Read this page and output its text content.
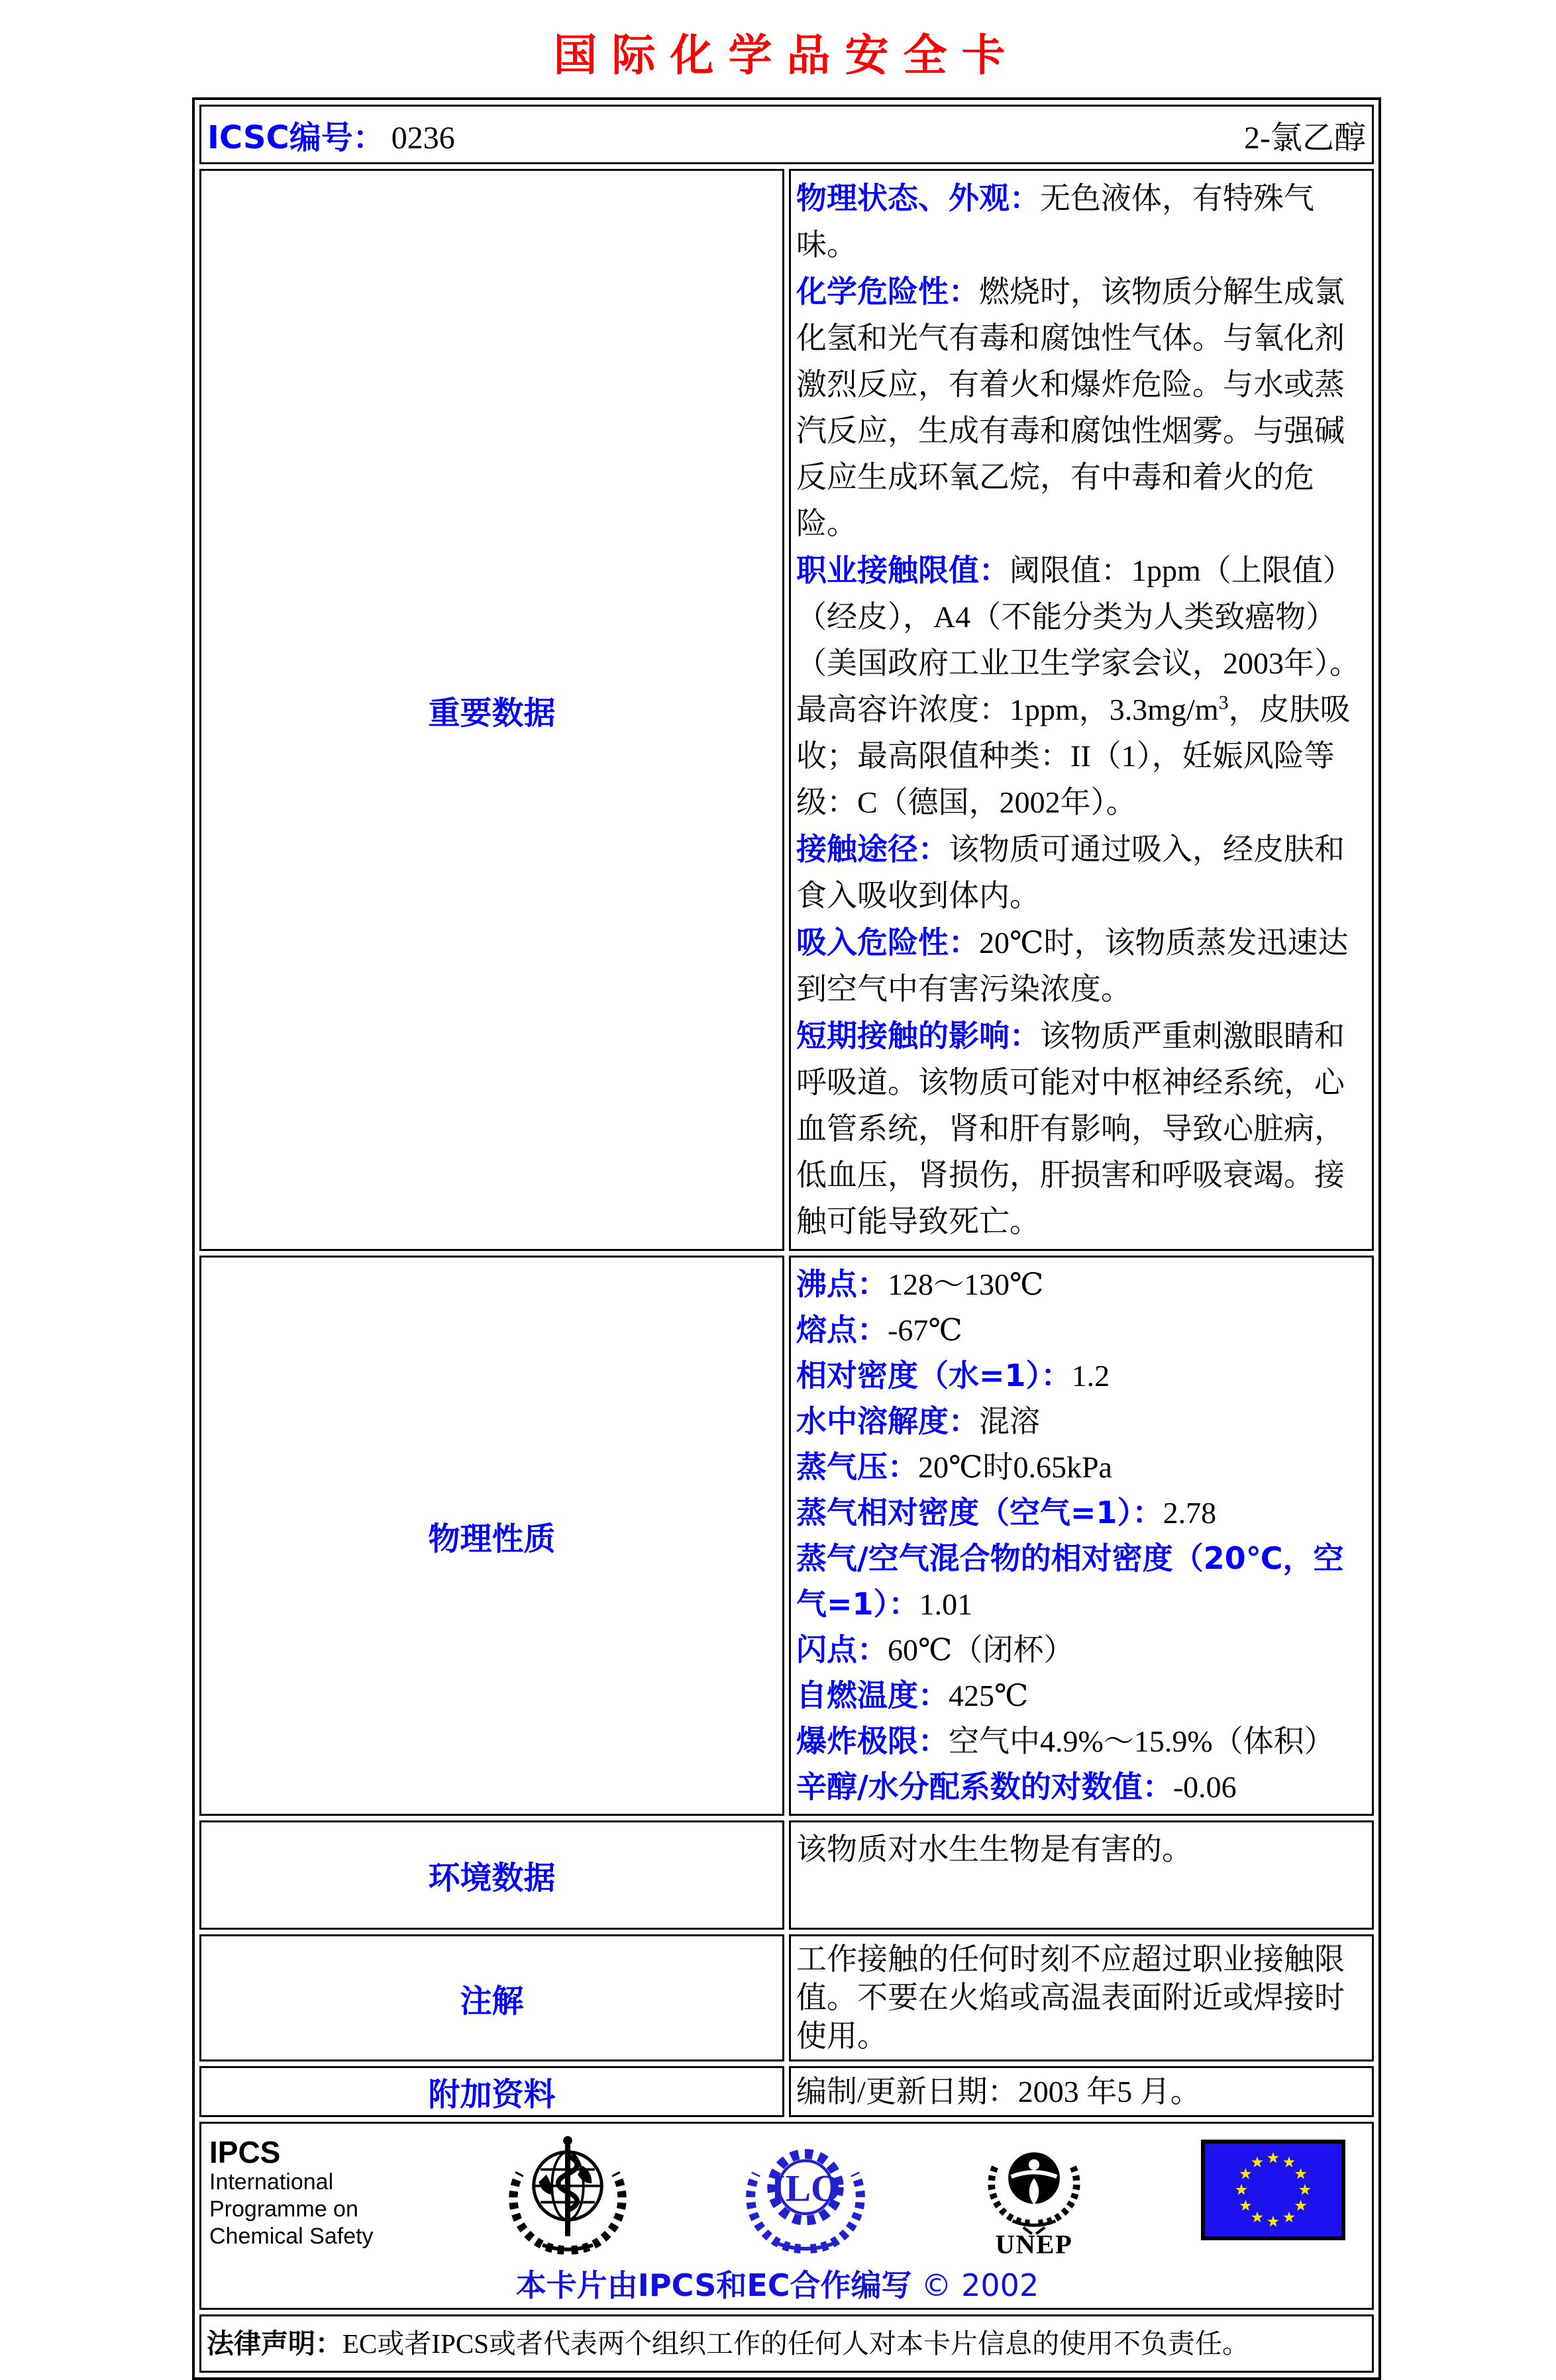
国际化学品安全卡
ICSC编号： 0236 2-氯乙醇	

重要数据	
物理状态、外观：无色液体，有特殊气味。
化学危险性：燃烧时，该物质分解生成氯化氢和光气有毒和腐蚀性气体。与氧化剂激烈反应，有着火和爆炸危险。与水或蒸汽反应，生成有毒和腐蚀性烟雾。与强碱反应生成环氧乙烷，有中毒和着火的危险。
职业接触限值：阈限值：1ppm（上限值）（经皮），A4（不能分类为人类致癌物）（美国政府工业卫生学家会议，2003年）。最高容许浓度：1ppm，$3.3mg/m^3$，皮肤吸收；最高限值种类：II（1），妊娠风险等级：C（德国，2002年）。
接触途径：该物质可通过吸入，经皮肤和食入吸收到体内。
吸入危险性：20℃时，该物质蒸发迅速达到空气中有害污染浓度。
短期接触的影响：该物质严重刺激眼睛和呼吸道。该物质可能对中枢神经系统，心血管系统，肾和肝有影响，导致心脏病，低血压，肾损伤，肝损害和呼吸衰竭。接触可能导致死亡。

物理性质	
沸点：128～130℃
熔点：-67℃
相对密度（水=1）：1.2
水中溶解度：混溶
蒸气压：20℃时0.65kPa
蒸气相对密度（空气=1）：2.78
蒸气/空气混合物的相对密度（20℃，空气=1）：1.01
闪点：60℃（闭杯）
自燃温度：425℃
爆炸极限：空气中4.9%～15.9%（体积）
辛醇/水分配系数的对数值：-0.06

环境数据	该物质对水生生物是有害的。
注解	工作接触的任何时刻不应超过职业接触限值。不要在火焰或高温表面附近或焊接时使用。
附加资料	编制/更新日期：2003 年5 月。

IPCS
International
Programme on
Chemical Safety
ILO
UNEP
本卡片由IPCS和EC合作编写 © 2002

法律声明：EC或者IPCS或者代表两个组织工作的任何人对本卡片信息的使用不负责任。	
